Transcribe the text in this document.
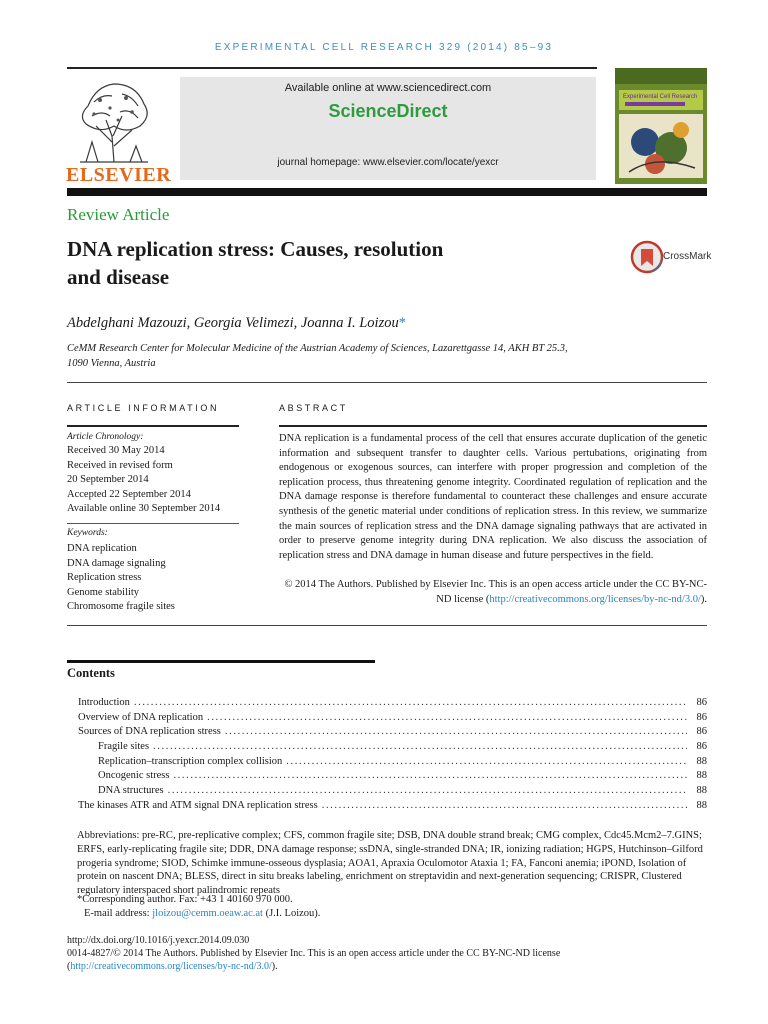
EXPERIMENTAL CELL RESEARCH 329 (2014) 85–93
ELSEVIER
Available online at www.sciencedirect.com
ScienceDirect
journal homepage: www.elsevier.com/locate/yexcr
Experimental Cell Research
Review Article
DNA replication stress: Causes, resolution
and disease
CrossMark
Abdelghani Mazouzi, Georgia Velimezi, Joanna I. Loizou*
CeMM Research Center for Molecular Medicine of the Austrian Academy of Sciences, Lazarettgasse 14, AKH BT 25.3,
1090 Vienna, Austria
ARTICLE INFORMATION	ABSTRACT
Article Chronology:
Received 30 May 2014
Received in revised form
20 September 2014
Accepted 22 September 2014
Available online 30 September 2014
Keywords:
DNA replication
DNA damage signaling
Replication stress
Genome stability
Chromosome fragile sites
DNA replication is a fundamental process of the cell that ensures accurate duplication of the genetic information and subsequent transfer to daughter cells. Various pertubations, originating from endogenous or exogenous sources, can interfere with proper progression and completion of the replication process, thus threatening genome integrity. Coordinated regulation of replication and the DNA damage response is therefore fundamental to counteract these challenges and ensure accurate synthesis of the genetic material under conditions of replication stress. In this review, we summarize the main sources of replication stress and the DNA damage signaling pathways that are activated in order to preserve genome integrity during DNA replication. We also discuss the association of replication stress and DNA damage in human disease and future perspectives in the field.
© 2014 The Authors. Published by Elsevier Inc. This is an open access article under the CC BY-NC-
ND license (http://creativecommons.org/licenses/by-nc-nd/3.0/).
Contents
Introduction .....	86
Overview of DNA replication .....	86
Sources of DNA replication stress .....	86
Fragile sites .....	86
Replication–transcription complex collision .....	88
Oncogenic stress .....	88
DNA structures .....	88
The kinases ATR and ATM signal DNA replication stress .....	88
Abbreviations: pre-RC, pre-replicative complex; CFS, common fragile site; DSB, DNA double strand break; CMG complex, Cdc45.Mcm2–7.GINS; ERFS, early-replicating fragile site; DDR, DNA damage response; ssDNA, single-stranded DNA; IR, ionizing radiation; HGPS, Hutchinson–Gilford progeria syndrome; SIOD, Schimke immune-osseous dysplasia; AOA1, Apraxia Oculomotor Ataxia 1; FA, Fanconi anemia; iPOND, Isolation of protein on nascent DNA; BLESS, direct in situ breaks labeling, enrichment on streptavidin and next-generation sequencing; CRISPR, Clustered regulatory interspaced short palindromic repeats
*Corresponding author. Fax: +43 1 40160 970 000.
E-mail address: jloizou@cemm.oeaw.ac.at (J.I. Loizou).
http://dx.doi.org/10.1016/j.yexcr.2014.09.030
0014-4827/© 2014 The Authors. Published by Elsevier Inc. This is an open access article under the CC BY-NC-ND license
(http://creativecommons.org/licenses/by-nc-nd/3.0/).
